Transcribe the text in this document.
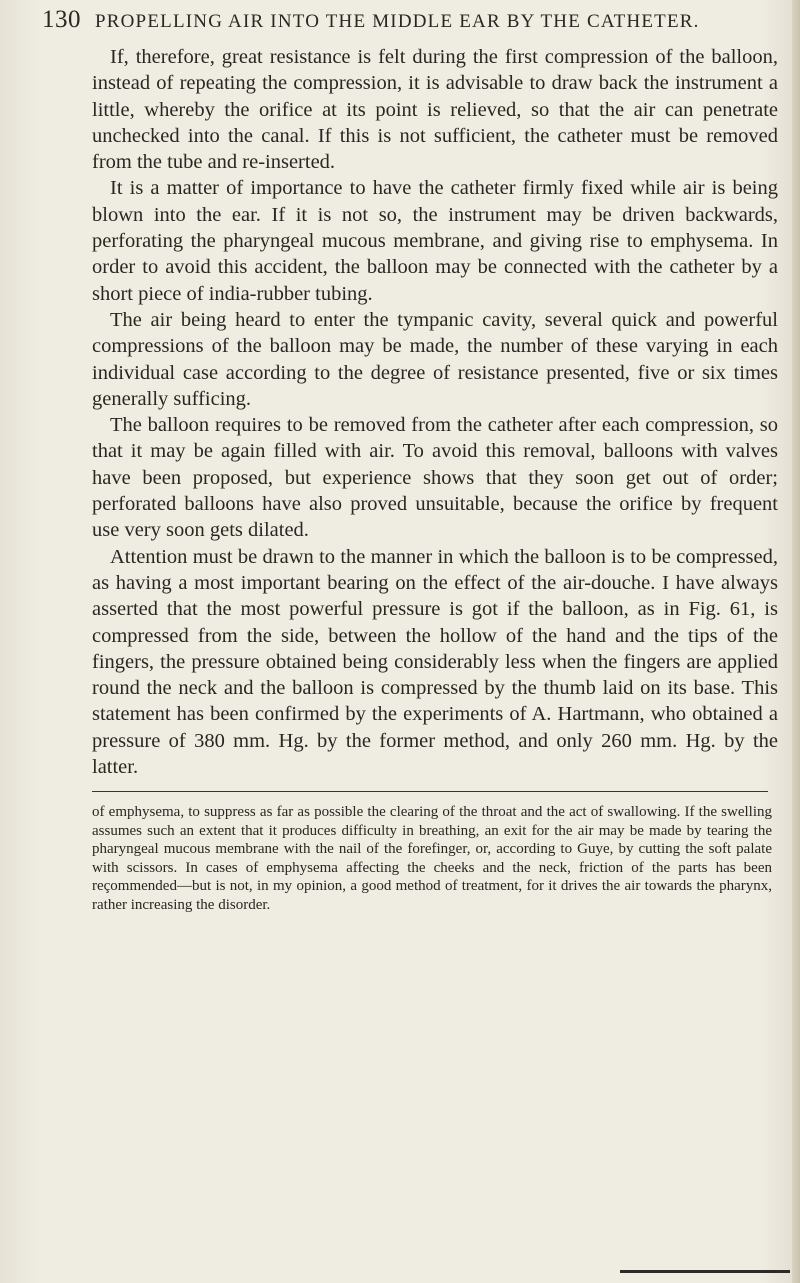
130 PROPELLING AIR INTO THE MIDDLE EAR BY THE CATHETER.

If, therefore, great resistance is felt during the first compression of the balloon, instead of repeating the compression, it is advisable to draw back the instrument a little, whereby the orifice at its point is relieved, so that the air can penetrate unchecked into the canal. If this is not sufficient, the catheter must be removed from the tube and re-inserted.

It is a matter of importance to have the catheter firmly fixed while air is being blown into the ear. If it is not so, the instrument may be driven backwards, perforating the pharyngeal mucous membrane, and giving rise to emphysema. In order to avoid this accident, the balloon may be connected with the catheter by a short piece of india-rubber tubing.

The air being heard to enter the tympanic cavity, several quick and powerful compressions of the balloon may be made, the number of these varying in each individual case according to the degree of resistance presented, five or six times generally sufficing.

The balloon requires to be removed from the catheter after each compression, so that it may be again filled with air. To avoid this removal, balloons with valves have been proposed, but experience shows that they soon get out of order; perforated balloons have also proved unsuitable, because the orifice by frequent use very soon gets dilated.

Attention must be drawn to the manner in which the balloon is to be compressed, as having a most important bearing on the effect of the air-douche. I have always asserted that the most powerful pressure is got if the balloon, as in Fig. 61, is compressed from the side, between the hollow of the hand and the tips of the fingers, the pressure obtained being considerably less when the fingers are applied round the neck and the balloon is compressed by the thumb laid on its base. This statement has been confirmed by the experiments of A. Hartmann, who obtained a pressure of 380 mm. Hg. by the former method, and only 260 mm. Hg. by the latter.

of emphysema, to suppress as far as possible the clearing of the throat and the act of swallowing. If the swelling assumes such an extent that it produces difficulty in breathing, an exit for the air may be made by tearing the pharyngeal mucous membrane with the nail of the forefinger, or, according to Guye, by cutting the soft palate with scissors. In cases of emphysema affecting the cheeks and the neck, friction of the parts has been reçommended—but is not, in my opinion, a good method of treatment, for it drives the air towards the pharynx, rather increasing the disorder.
